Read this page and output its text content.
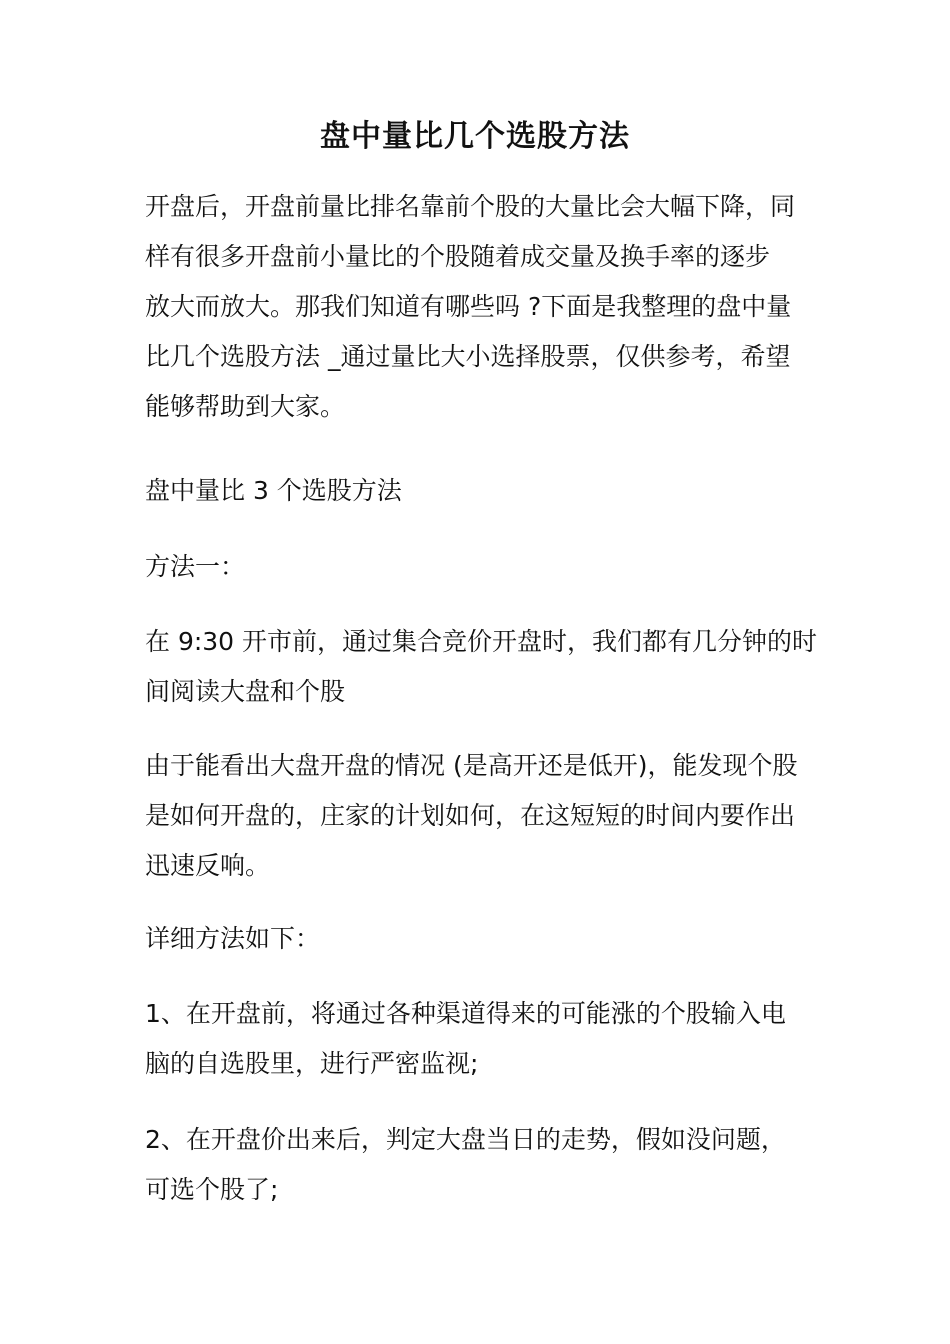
盘中量比几个选股方法
开盘后，开盘前量比排名靠前个股的大量比会大幅下降，同
样有很多开盘前小量比的个股随着成交量及换手率的逐步
放大而放大。那我们知道有哪些吗 ?下面是我整理的盘中量
比几个选股方法 _通过量比大小选择股票，仅供参考，希望
能够帮助到大家。
盘中量比 3 个选股方法
方法一：
在 9:30 开市前，通过集合竞价开盘时，我们都有几分钟的时
间阅读大盘和个股
由于能看出大盘开盘的情况 (是高开还是低开)，能发现个股
是如何开盘的，庄家的计划如何，在这短短的时间内要作出
迅速反响。
详细方法如下：
1、在开盘前，将通过各种渠道得来的可能涨的个股输入电
脑的自选股里，进行严密监视;
2、在开盘价出来后，判定大盘当日的走势，假如没问题，
可选个股了;
